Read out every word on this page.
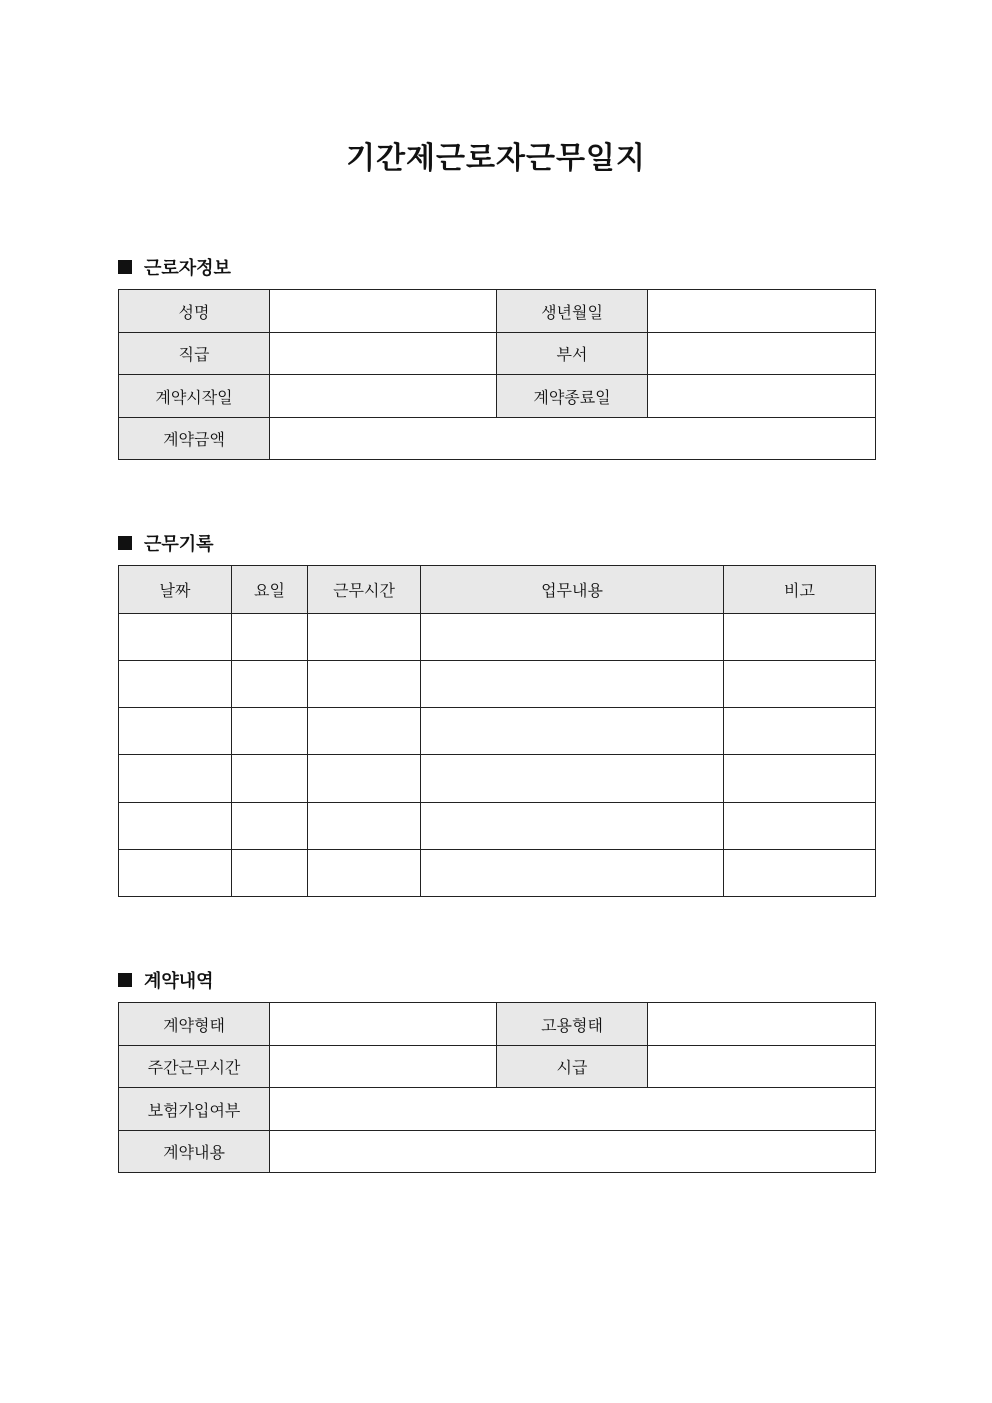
기간제근로자근무일지
근로자정보
성명		생년월일	
직급		부서	
계약시작일		계약종료일	
계약금액			
근무기록
날짜	요일	근무시간	업무내용	비고

계약내역
계약형태		고용형태	
주간근무시간		시급	
보험가입여부			
계약내용			
